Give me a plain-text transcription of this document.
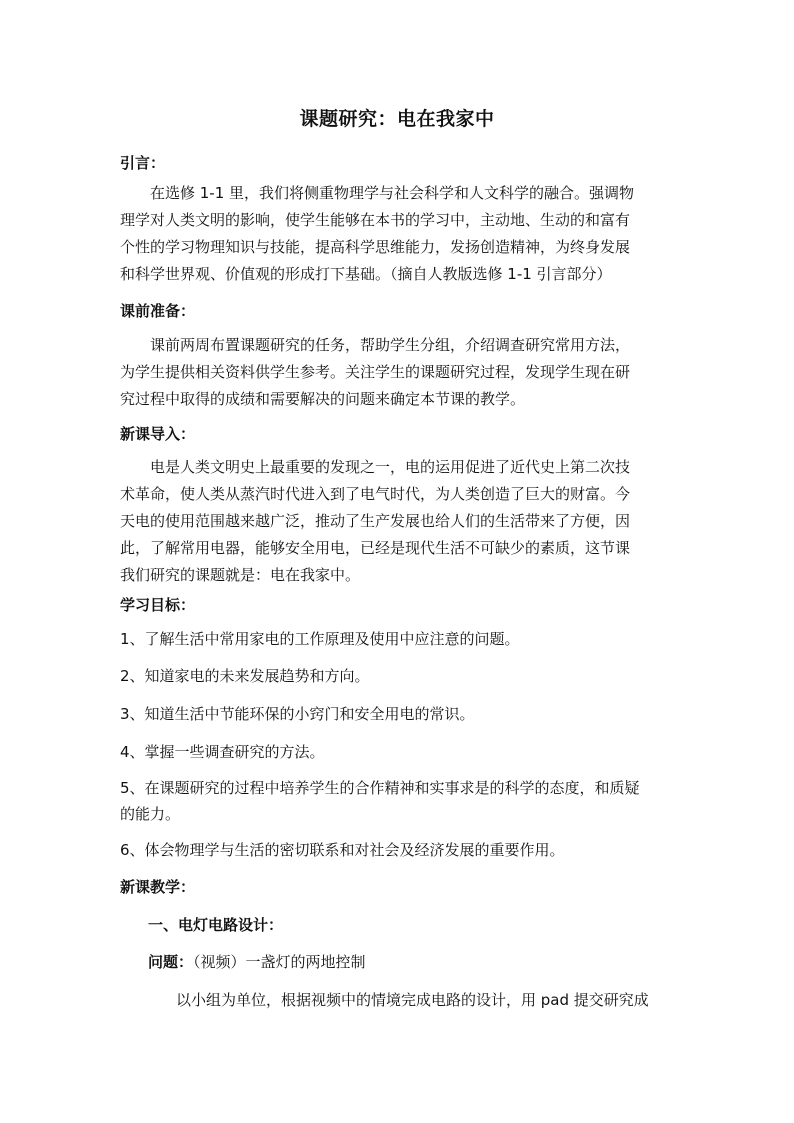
课题研究：电在我家中
引言：
在选修 1-1 里，我们将侧重物理学与社会科学和人文科学的融合。强调物
理学对人类文明的影响，使学生能够在本书的学习中，主动地、生动的和富有
个性的学习物理知识与技能，提高科学思维能力，发扬创造精神，为终身发展
和科学世界观、价值观的形成打下基础。（摘自人教版选修 1-1 引言部分）
课前准备：
课前两周布置课题研究的任务，帮助学生分组，介绍调查研究常用方法，
为学生提供相关资料供学生参考。关注学生的课题研究过程，发现学生现在研
究过程中取得的成绩和需要解决的问题来确定本节课的教学。
新课导入：
电是人类文明史上最重要的发现之一，电的运用促进了近代史上第二次技
术革命，使人类从蒸汽时代进入到了电气时代，为人类创造了巨大的财富。今
天电的使用范围越来越广泛，推动了生产发展也给人们的生活带来了方便，因
此，了解常用电器，能够安全用电，已经是现代生活不可缺少的素质，这节课
我们研究的课题就是：电在我家中。
学习目标：
1、了解生活中常用家电的工作原理及使用中应注意的问题。
2、知道家电的未来发展趋势和方向。
3、知道生活中节能环保的小窍门和安全用电的常识。
4、掌握一些调查研究的方法。
5、在课题研究的过程中培养学生的合作精神和实事求是的科学的态度，和质疑
的能力。
6、体会物理学与生活的密切联系和对社会及经济发展的重要作用。
新课教学：
一、电灯电路设计：
问题：（视频）一盏灯的两地控制
以小组为单位，根据视频中的情境完成电路的设计，用 pad 提交研究成
